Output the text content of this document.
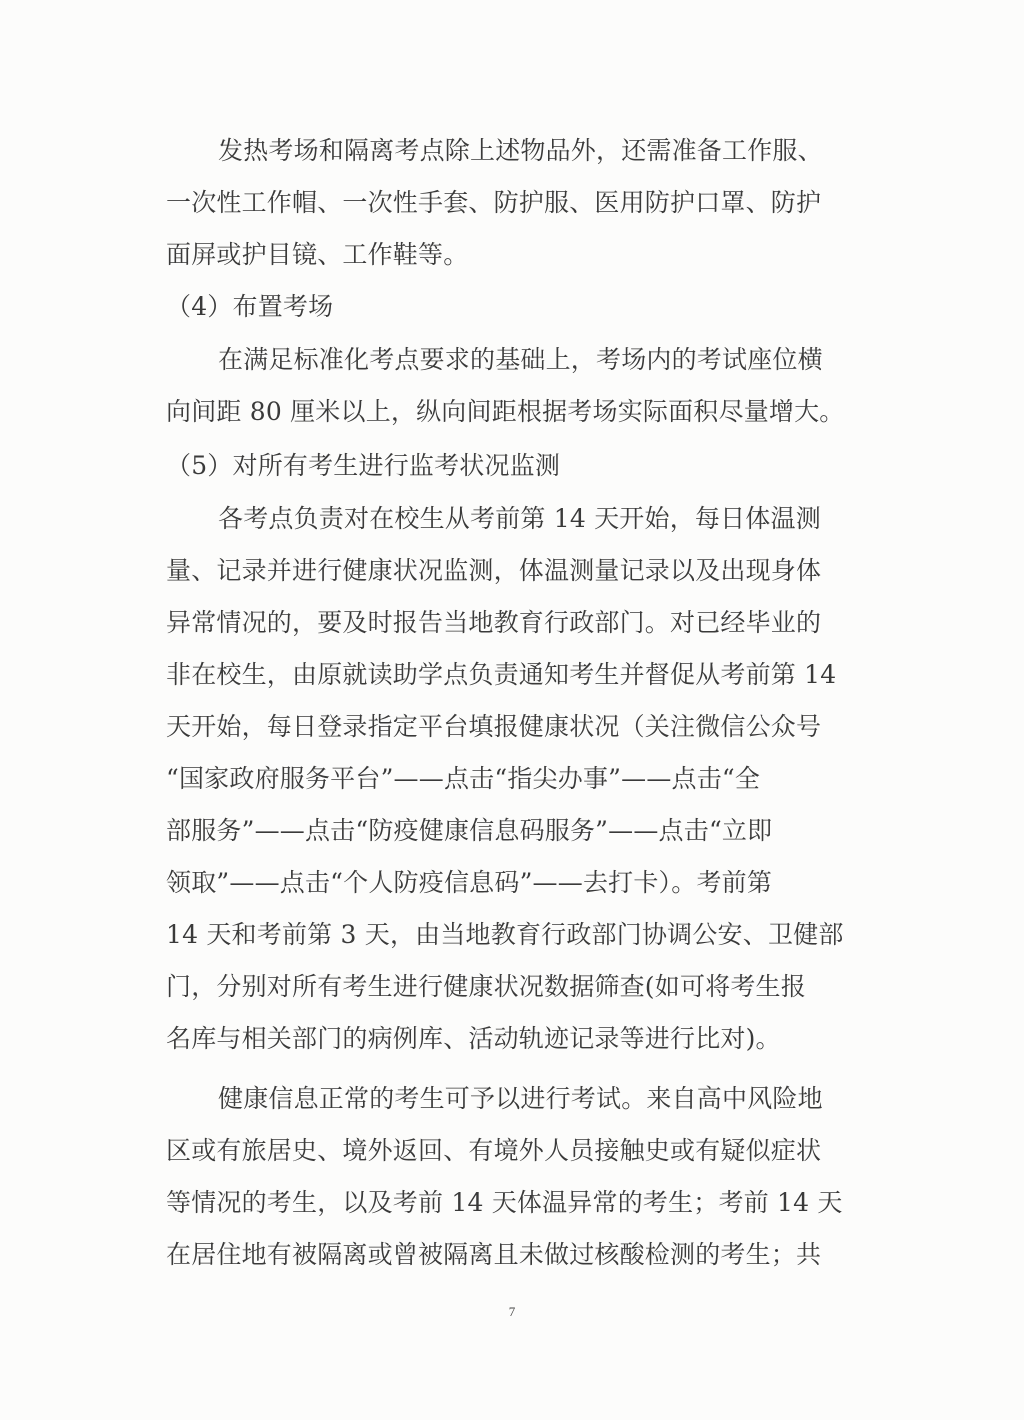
发热考场和隔离考点除上述物品外，还需准备工作服、
一次性工作帽、一次性手套、防护服、医用防护口罩、防护
面屏或护目镜、工作鞋等。
（4）布置考场
在满足标准化考点要求的基础上，考场内的考试座位横
向间距 80 厘米以上，纵向间距根据考场实际面积尽量增大。
（5）对所有考生进行监考状况监测
各考点负责对在校生从考前第 14 天开始，每日体温测
量、记录并进行健康状况监测，体温测量记录以及出现身体
异常情况的，要及时报告当地教育行政部门。对已经毕业的
非在校生，由原就读助学点负责通知考生并督促从考前第 14
天开始，每日登录指定平台填报健康状况（关注微信公众号
“国家政府服务平台”——点击“指尖办事”——点击“全
部服务”——点击“防疫健康信息码服务”——点击“立即
领取”——点击“个人防疫信息码”——去打卡）。考前第
14 天和考前第 3 天，由当地教育行政部门协调公安、卫健部
门，分别对所有考生进行健康状况数据筛查(如可将考生报
名库与相关部门的病例库、活动轨迹记录等进行比对)。
健康信息正常的考生可予以进行考试。来自高中风险地
区或有旅居史、境外返回、有境外人员接触史或有疑似症状
等情况的考生，以及考前 14 天体温异常的考生；考前 14 天
在居住地有被隔离或曾被隔离且未做过核酸检测的考生；共
7
